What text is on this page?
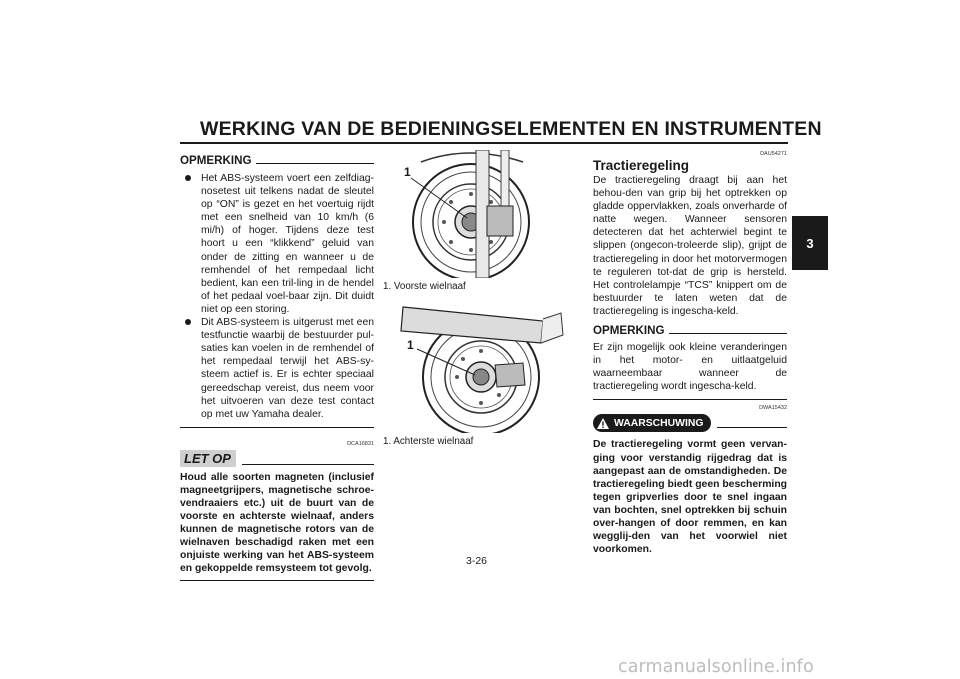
WERKING VAN DE BEDIENINGSELEMENTEN EN INSTRUMENTEN
3
OPMERKING
Het ABS-systeem voert een zelfdiag-nosetest uit telkens nadat de sleutel op “ON” is gezet en het voertuig rijdt met een snelheid van 10 km/h (6 mi/h) of hoger. Tijdens deze test hoort u een “klikkend” geluid van onder de zitting en wanneer u de remhendel of het rempedaal licht bedient, kan een tril-ling in de hendel of het pedaal voel-baar zijn. Dit duidt niet op een storing.
Dit ABS-systeem is uitgerust met een testfunctie waarbij de bestuurder pul-saties kan voelen in de remhendel of het rempedaal terwijl het ABS-sy-steem actief is. Er is echter speciaal gereedschap vereist, dus neem voor het uitvoeren van deze test contact op met uw Yamaha dealer.
DCA16831
LET OP
Houd alle soorten magneten (inclusief magneetgrijpers, magnetische schroe-vendraaiers etc.) uit de buurt van de voorste en achterste wielnaaf, anders kunnen de magnetische rotors van de wielnaven beschadigd raken met een onjuiste werking van het ABS-systeem en gekoppelde remsysteem tot gevolg.
1
1. Voorste wielnaaf
1
1. Achterste wielnaaf
DAU54271
Tractieregeling
De tractieregeling draagt bij aan het behou-den van grip bij het optrekken op gladde oppervlakken, zoals onverharde of natte wegen. Wanneer sensoren detecteren dat het achterwiel begint te slippen (ongecon-troleerde slip), grijpt de tractieregeling in door het motorvermogen te reguleren tot-dat de grip is hersteld. Het controlelampje “TCS” knippert om de bestuurder te laten weten dat de tractieregeling is ingescha-keld.
OPMERKING
Er zijn mogelijk ook kleine veranderingen in het motor- en uitlaatgeluid waarneembaar wanneer de tractieregeling wordt ingescha-keld.
DWA15432
WAARSCHUWING
De tractieregeling vormt geen vervan-ging voor verstandig rijgedrag dat is aangepast aan de omstandigheden. De tractieregeling biedt geen bescherming tegen gripverlies door te snel ingaan van bochten, snel optrekken bij schuin over-hangen of door remmen, en kan wegglij-den van het voorwiel niet voorkomen.
3-26
carmanualsonline.info
